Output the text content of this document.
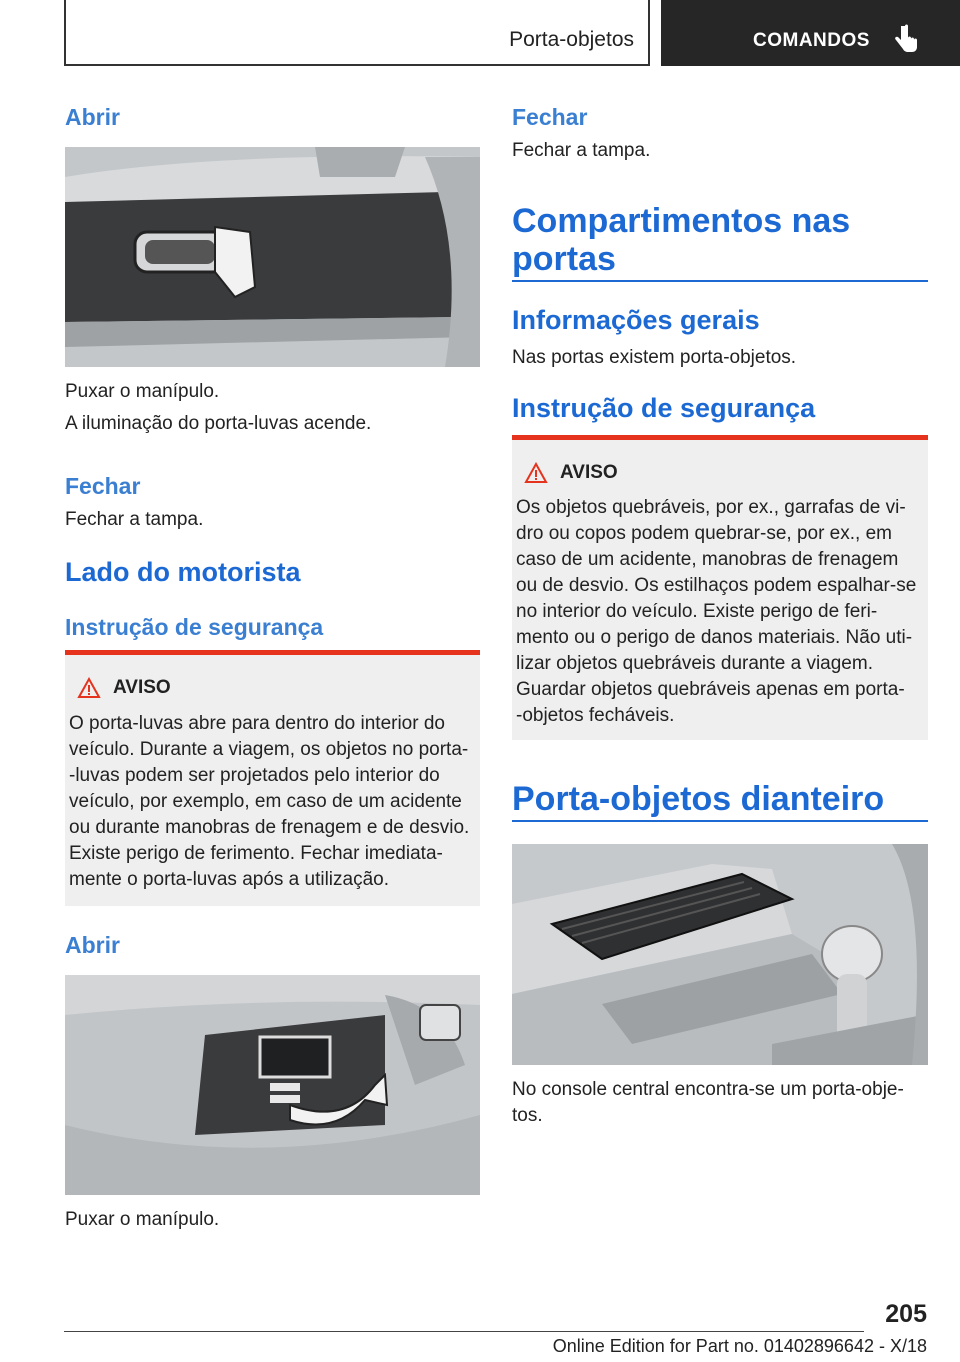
Porta-objetos	COMANDOS
Abrir
Puxar o manípulo.
A iluminação do porta-luvas acende.
Fechar
Fechar a tampa.
Lado do motorista
Instrução de segurança
AVISO
O porta-luvas abre para dentro do interior do
veículo. Durante a viagem, os objetos no porta-
-luvas podem ser projetados pelo interior do
veículo, por exemplo, em caso de um acidente
ou durante manobras de frenagem e de desvio.
Existe perigo de ferimento. Fechar imediata-
mente o porta-luvas após a utilização.
Abrir
Puxar o manípulo.
Fechar
Fechar a tampa.
Compartimentos nas
portas
Informações gerais
Nas portas existem porta-objetos.
Instrução de segurança
AVISO
Os objetos quebráveis, por ex., garrafas de vi-
dro ou copos podem quebrar-se, por ex., em
caso de um acidente, manobras de frenagem
ou de desvio. Os estilhaços podem espalhar-se
no interior do veículo. Existe perigo de feri-
mento ou o perigo de danos materiais. Não uti-
lizar objetos quebráveis durante a viagem.
Guardar objetos quebráveis apenas em porta-
-objetos fecháveis.
Porta-objetos dianteiro
No console central encontra-se um porta-obje-
tos.
205
Online Edition for Part no. 01402896642 - X/18
